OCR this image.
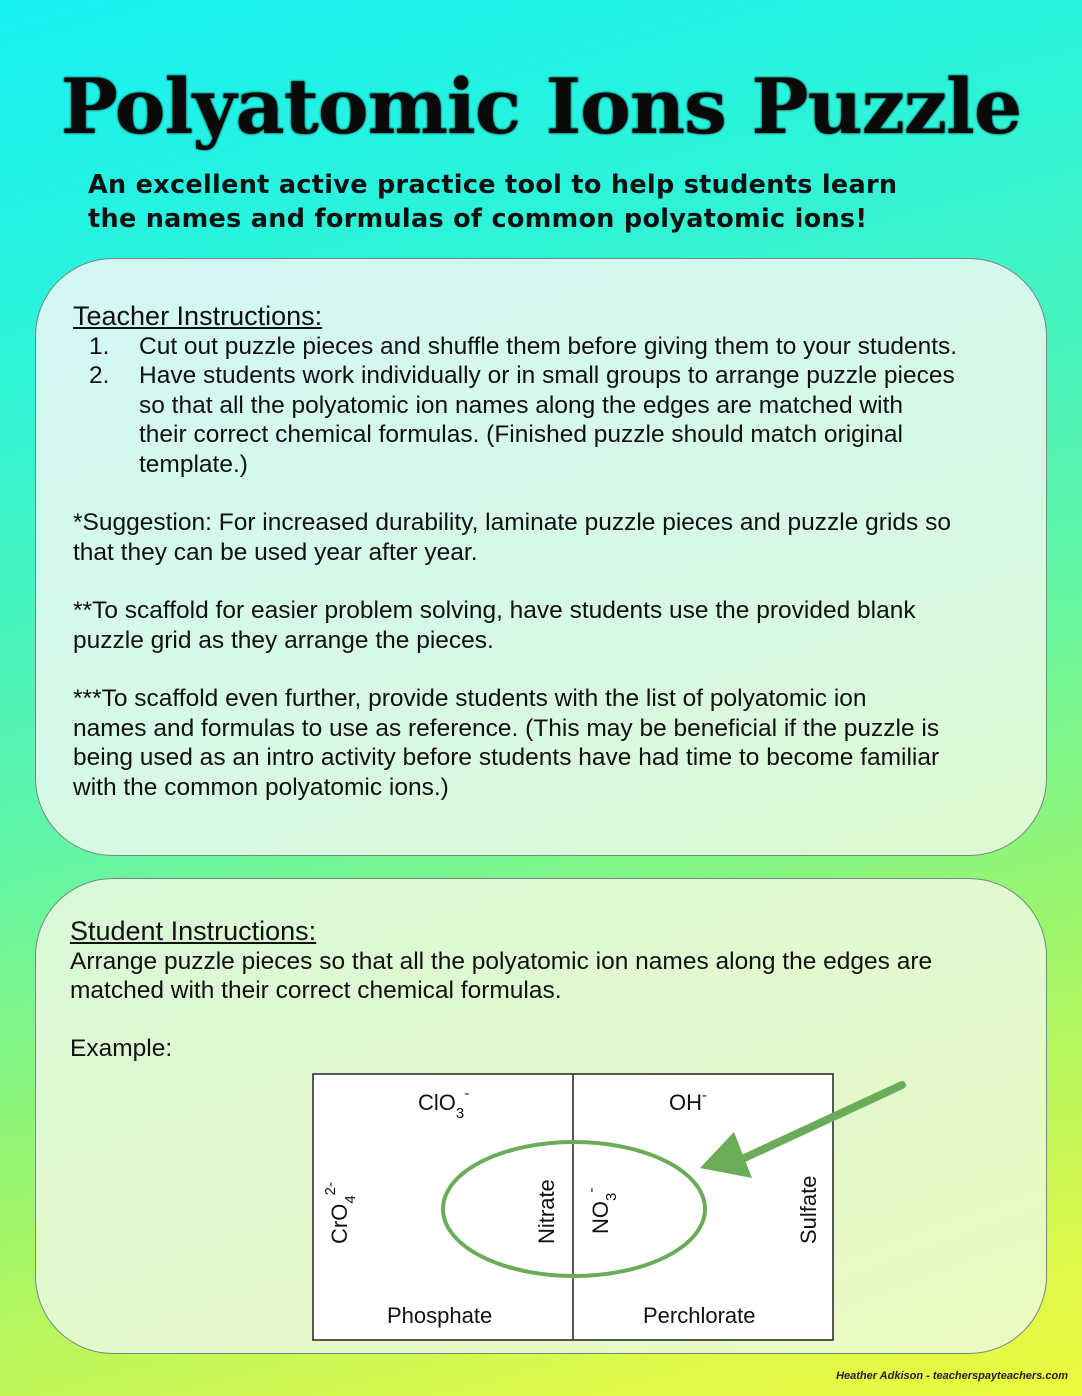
Polyatomic Ions Puzzle
An excellent active practice tool to help students learn
the names and formulas of common polyatomic ions!
Teacher Instructions:
1. Cut out puzzle pieces and shuffle them before giving them to your students.
2. Have students work individually or in small groups to arrange puzzle pieces
so that all the polyatomic ion names along the edges are matched with
their correct chemical formulas. (Finished puzzle should match original
template.)
*Suggestion: For increased durability, laminate puzzle pieces and puzzle grids so
that they can be used year after year.
**To scaffold for easier problem solving, have students use the provided blank
puzzle grid as they arrange the pieces.
***To scaffold even further, provide students with the list of polyatomic ion
names and formulas to use as reference. (This may be beneficial if the puzzle is
being used as an intro activity before students have had time to become familiar
with the common polyatomic ions.)
Student Instructions:
Arrange puzzle pieces so that all the polyatomic ion names along the edges are
matched with their correct chemical formulas.
Example:
ClO$_3$-
CrO$_4^{2-}$	Nitrate
Phosphate
OH-
$NO_3^-$	Sulfate
Perchlorate
Heather Adkison - teacherspayteachers.com
